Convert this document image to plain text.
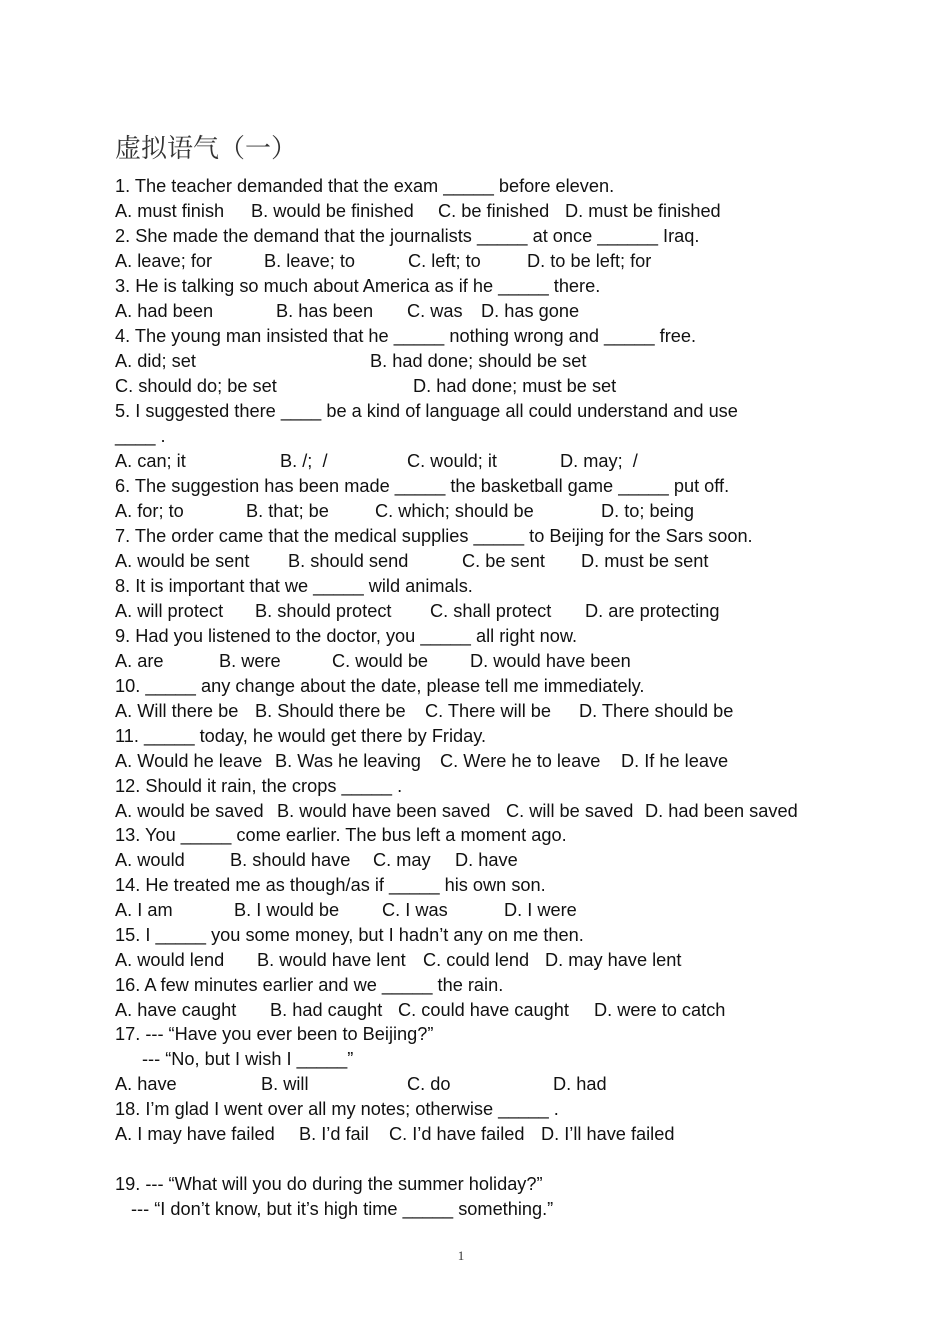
虚拟语气（一）
1. The teacher demanded that the exam _____ before eleven.
A. must finish B. would be finished C. be finished D. must be finished
2. She made the demand that the journalists _____ at once ______ Iraq.
A. leave; for	B. leave; to	C. left; to	D. to be left; for
3. He is talking so much about America as if he _____ there.
A. had been	B. has been C. was D. has gone
4. The young man insisted that he _____ nothing wrong and _____ free.
A. did; set	B. had done; should be set
C. should do; be set	D. had done; must be set
5. I suggested there ____ be a kind of language all could understand and use
____ .
A. can; it	B. /;  /	C. would; it	D. may;  /
6. The suggestion has been made _____ the basketball game _____ put off.
A. for; to	B. that; be	C. which; should be	D. to; being
7. The order came that the medical supplies _____ to Beijing for the Sars soon.
A. would be sent B. should send	C. be sent D. must be sent
8. It is important that we _____ wild animals.
A. will protect B. should protect C. shall protect D. are protecting
9. Had you listened to the doctor, you _____ all right now.
A. are	B. were	C. would be D. would have been
10. _____ any change about the date, please tell me immediately.
A. Will there be B. Should there be C. There will be D. There should be
11. _____ today, he would get there by Friday.
A. Would he leave B. Was he leaving C. Were he to leave D. If he leave
12. Should it rain, the crops _____ .
A. would be saved B. would have been saved C. will be saved D. had been saved
13. You _____ come earlier. The bus left a moment ago.
A. would B. should have C. may D. have
14. He treated me as though/as if _____ his own son.
A. I am	B. I would be C. I was	D. I were
15. I _____ you some money, but I hadn’t any on me then.
A. would lend B. would have lent C. could lend D. may have lent
16. A few minutes earlier and we _____ the rain.
A. have caught B. had caught C. could have caught D. were to catch
17. --- “Have you ever been to Beijing?”
--- “No, but I wish I _____”
A. have	B. will	C. do	D. had
18. I’m glad I went over all my notes; otherwise _____ .
A. I may have failed B. I’d fail C. I’d have failed D. I’ll have failed
19. --- “What will you do during the summer holiday?”
--- “I don’t know, but it’s high time _____ something.”
1
